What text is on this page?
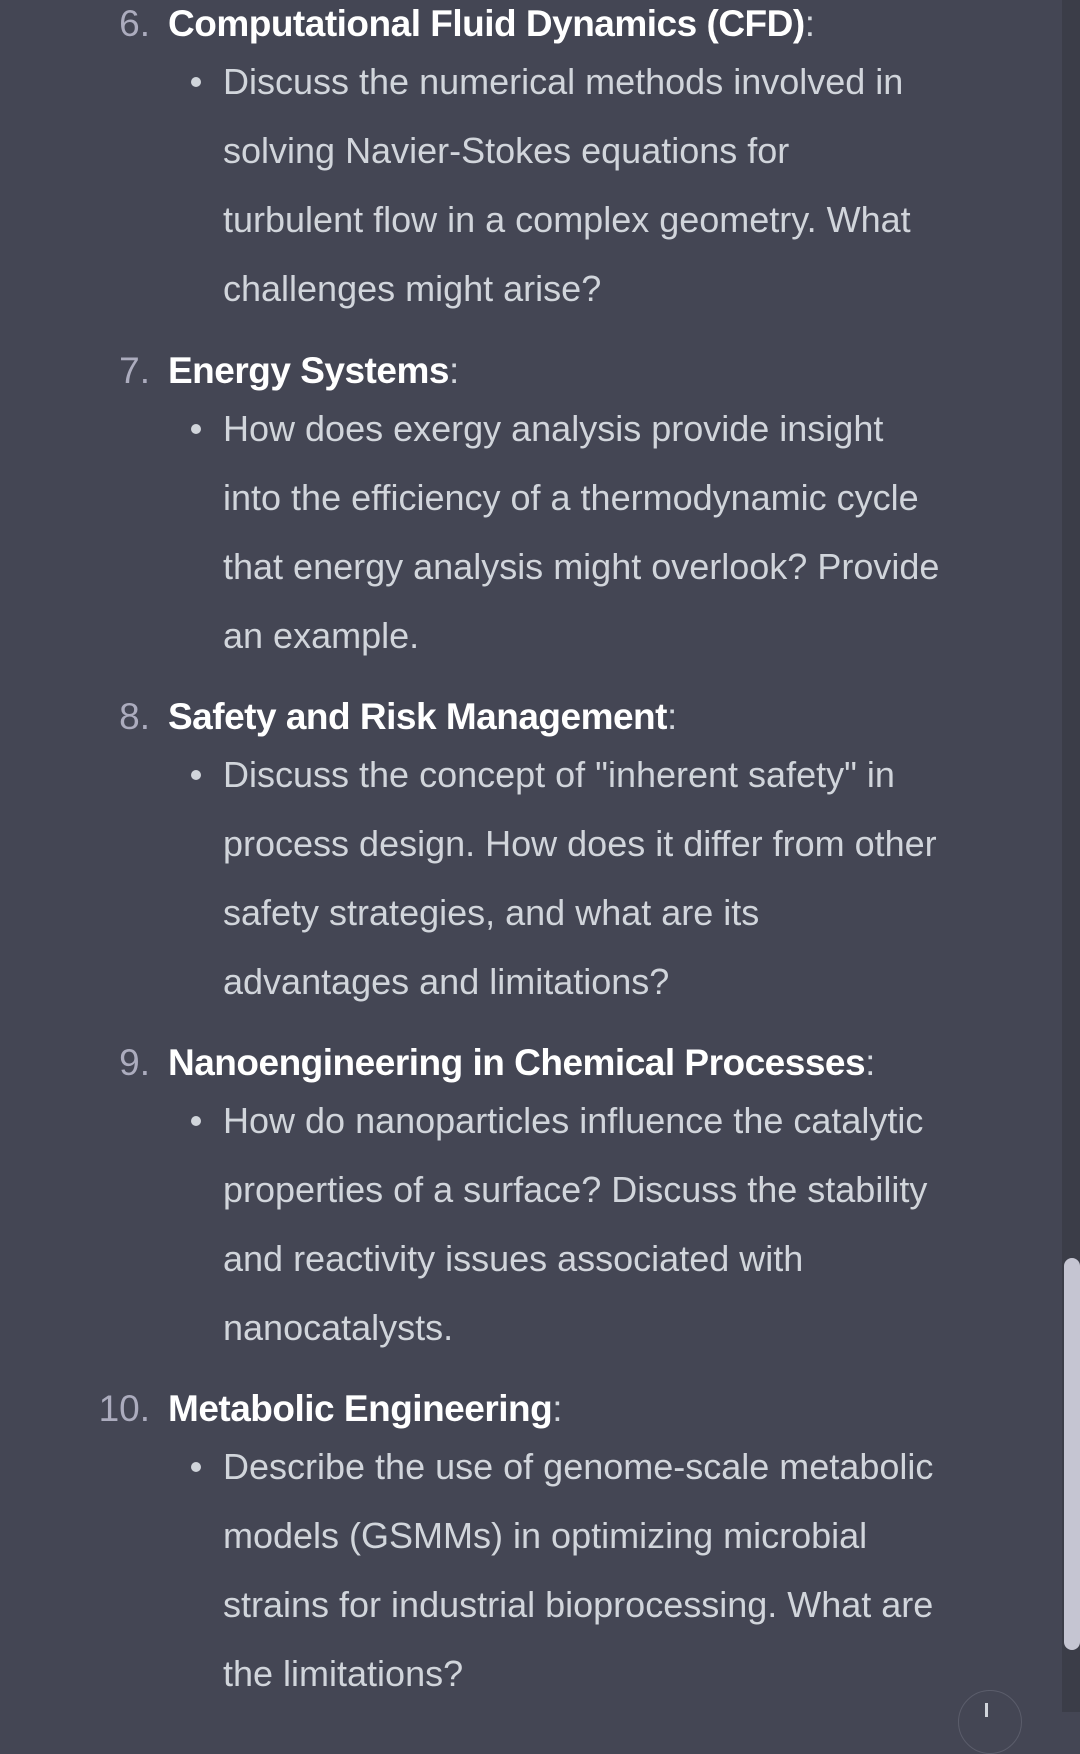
6. Computational Fluid Dynamics (CFD):
Discuss the numerical methods involved in
solving Navier-Stokes equations for
turbulent flow in a complex geometry. What
challenges might arise?
7. Energy Systems:
How does exergy analysis provide insight
into the efficiency of a thermodynamic cycle
that energy analysis might overlook? Provide
an example.
8. Safety and Risk Management:
Discuss the concept of "inherent safety" in
process design. How does it differ from other
safety strategies, and what are its
advantages and limitations?
9. Nanoengineering in Chemical Processes:
How do nanoparticles influence the catalytic
properties of a surface? Discuss the stability
and reactivity issues associated with
nanocatalysts.
10. Metabolic Engineering:
Describe the use of genome-scale metabolic
models (GSMMs) in optimizing microbial
strains for industrial bioprocessing. What are
the limitations?
